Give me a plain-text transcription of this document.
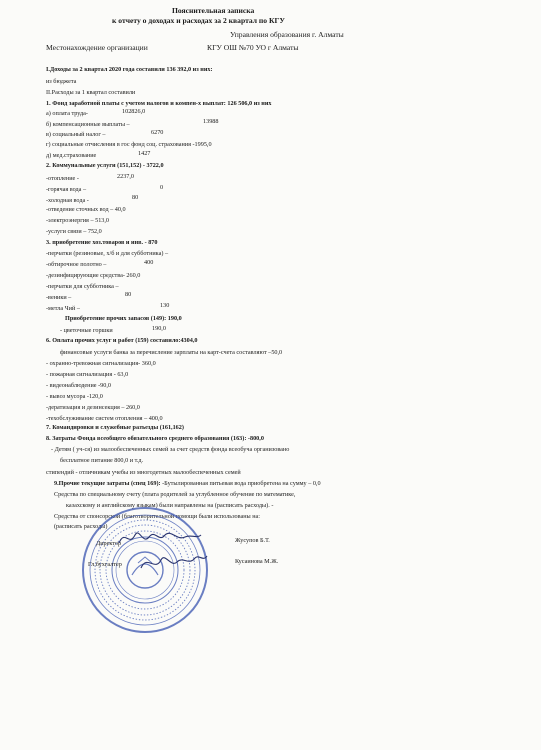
Пояснительная записка
к отчету о доходах и расходах за 2 квартал по КГУ
Управления образования г. Алматы
Местонахождение организации	КГУ ОШ №70 УО г Алматы
I.Доходы за 2 квартал 2020 года составили 136 392,0 из них:
из бюджета
II.Расходы за 1 квартал составили
1. Фонд заработной платы с учетом налогов и компен-х выплат: 126 506,0 из них
а) оплата труда-	102826,0
б) компенсационные выплаты –	13988
в) социальный налог –	6270
г) социальные отчисления в гос фонд соц. страхования -1995,0
д) мед.страхование	1427
2. Коммунальные услуги (151,152) - 3722,0
-отопление -	2237,0
-горячая вода –	0
-холодная вода -	80
-отведение сточных вод – 40,0
-электроэнергия – 513,0
-услуги связи – 752,0
3. приобретение хоз.товаров и инв. - 870
-перчатки (резиновые, х/б и для субботника) –
-обтирочное полотно –	400
-дезинфицирующие средства- 260,0
-перчатки для субботника –
-веники –	80
-метла Чий –	130
Приобретение прочих запасов (149): 190,0
- цветочные горшки	190,0
6. Оплата прочих услуг и работ (159) составило:4304,0
финансовые услуги банка за перечисление зарплаты на карт-счета составляют –50,0
- охранно-тревожная сигнализация- 360,0
- пожарная сигнализация - 63,0
- видеонаблюдение -90,0
- вывоз мусора -120,0
-дератизация и дезинсекция – 260,0
-техобслуживание систем отопления – 400,0
7. Командировки и служебные разъезды (161,162)
8. Затраты Фонда всеобщего обязательного среднего образования (163): -800,0
- Детям ( уч-ся) из малообеспеченных семей за счет средств фонда всеобуча организовано
бесплатное питание 800,0 и т.д.
стипендий - отличникам учебы из многодетных малообеспеченных семей
9.Прочие текущие затраты (спец 169): -Бутылированная питьевая вода приобретена на сумму – 0,0
Средства по специальному счету (плата родителей за углубленное обучение по математике,
казахскому и английскому языкам) были направлены на (расписать расходы). -
Средства от спонсорской (благотворительной помощи были использованы на:
(расписать расходы)
Директор	Жусупов Б.Т.
Гл.бухгалтер	Кусаинова М.Ж.
